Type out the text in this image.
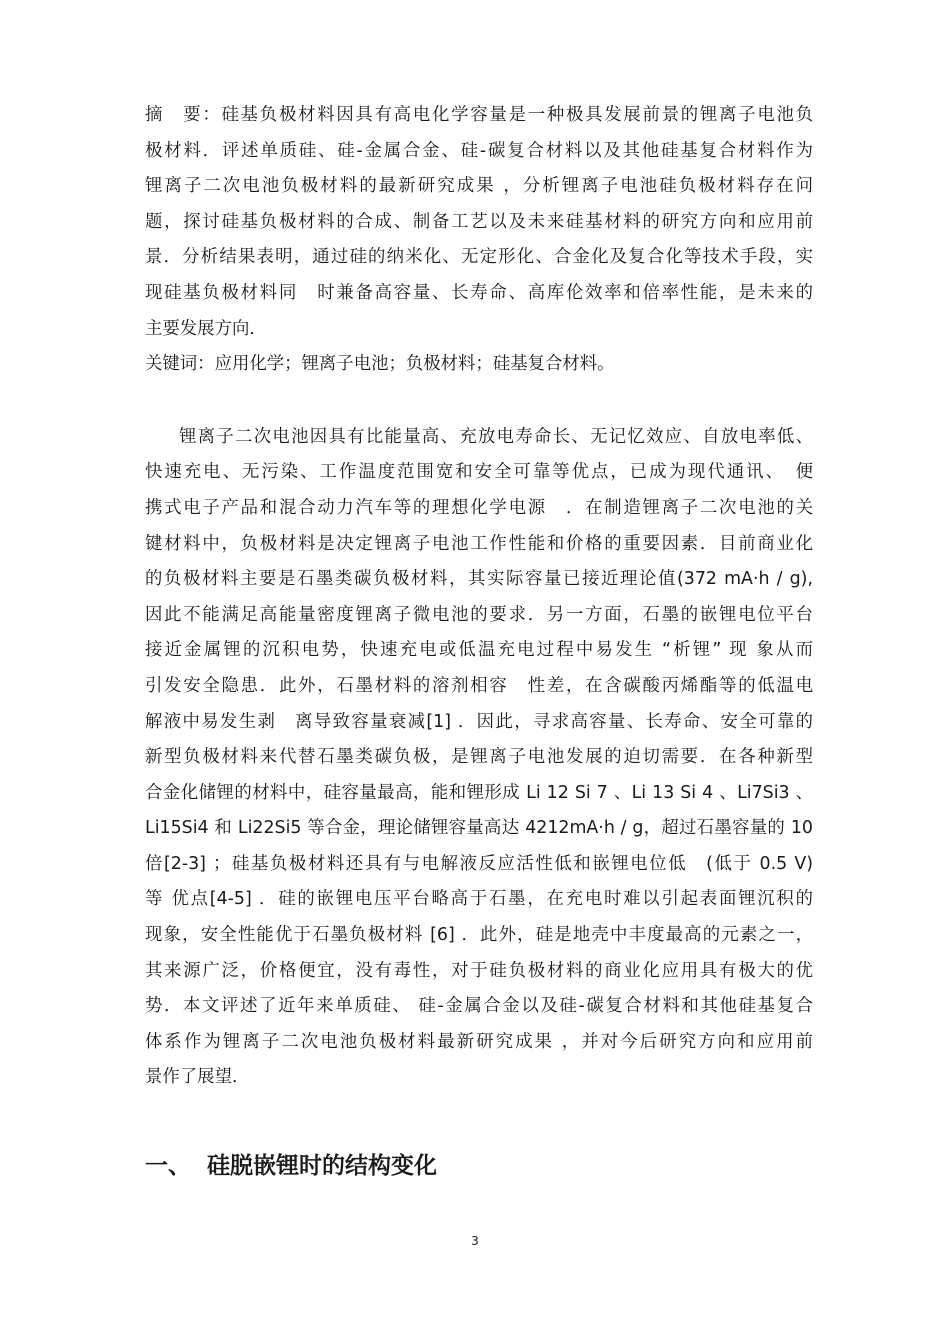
摘　要：硅基负极材料因具有高电化学容量是一种极具发展前景的锂离子电池负
极材料．评述单质硅、硅-金属合金、硅-碳复合材料以及其他硅基复合材料作为
锂离子二次电池负极材料的最新研究成果 ，分析锂离子电池硅负极材料存在问
题，探讨硅基负极材料的合成、制备工艺以及未来硅基材料的研究方向和应用前
景．分析结果表明，通过硅的纳米化、无定形化、合金化及复合化等技术手段，实
现硅基负极材料同　时兼备高容量、长寿命、高库伦效率和倍率性能，是未来的
主要发展方向．
关键词：应用化学；锂离子电池；负极材料；硅基复合材料。
锂离子二次电池因具有比能量高、充放电寿命长、无记忆效应、自放电率低、
快速充电、无污染、工作温度范围宽和安全可靠等优点，已成为现代通讯、　便
携式电子产品和混合动力汽车等的理想化学电源　．在制造锂离子二次电池的关
键材料中，负极材料是决定锂离子电池工作性能和价格的重要因素．目前商业化
的负极材料主要是石墨类碳负极材料，其实际容量已接近理论值(372 mA·h / g),
因此不能满足高能量密度锂离子微电池的要求．另一方面，石墨的嵌锂电位平台
接近金属锂的沉积电势，快速充电或低温充电过程中易发生 “析锂” 现 象从而
引发安全隐患．此外，石墨材料的溶剂相容　性差，在含碳酸丙烯酯等的低温电
解液中易发生剥　离导致容量衰减[1] ．因此，寻求高容量、长寿命、安全可靠的
新型负极材料来代替石墨类碳负极，是锂离子电池发展的迫切需要．在各种新型
合金化储锂的材料中，硅容量最高，能和锂形成 Li 12 Si 7 、Li 13 Si 4 、Li7Si3 、
Li15Si4 和 Li22Si5 等合金，理论储锂容量高达 4212mA·h / g，超过石墨容量的 10
倍[2-3] ；硅基负极材料还具有与电解液反应活性低和嵌锂电位低　(低于 0.5 V)
等 优点[4-5] ．硅的嵌锂电压平台略高于石墨，在充电时难以引起表面锂沉积的
现象，安全性能优于石墨负极材料 [6] ．此外，硅是地壳中丰度最高的元素之一，
其来源广泛，价格便宜，没有毒性，对于硅负极材料的商业化应用具有极大的优
势．本文评述了近年来单质硅、 硅-金属合金以及硅-碳复合材料和其他硅基复合
体系作为锂离子二次电池负极材料最新研究成果 ，并对今后研究方向和应用前
景作了展望．
一、 硅脱嵌锂时的结构变化
3
